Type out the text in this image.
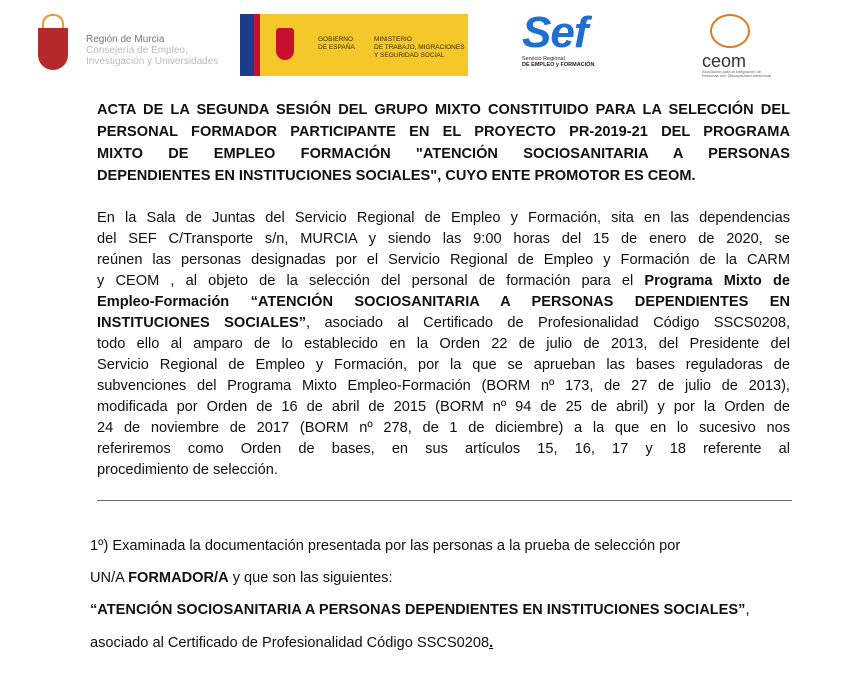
Región de Murcia
Consejería de Empleo,
Investigación y Universidades
GOBIERNO
DE ESPAÑA
MINISTERIO
DE TRABAJO, MIGRACIONES
Y SEGURIDAD SOCIAL	Sef
Servicio Regional
DE EMPLEO y FORMACIÓN	ceom
Asociación para la integración de Personas con Discapacidad Intelectual
ACTA DE LA SEGUNDA SESIÓN DEL GRUPO MIXTO CONSTITUIDO PARA LA SELECCIÓN DEL
PERSONAL FORMADOR PARTICIPANTE EN EL PROYECTO PR-2019-21 DEL PROGRAMA
MIXTO DE EMPLEO FORMACIÓN "ATENCIÓN SOCIOSANITARIA A PERSONAS
DEPENDIENTES EN INSTITUCIONES SOCIALES", CUYO ENTE PROMOTOR ES CEOM.
En la Sala de Juntas del Servicio Regional de Empleo y Formación, sita en las dependencias
del SEF C/Transporte s/n, MURCIA y siendo las 9:00 horas del 15 de enero de 2020, se
reúnen las personas designadas por el Servicio Regional de Empleo y Formación de la CARM
y CEOM , al objeto de la selección del personal de formación para el Programa Mixto de
Empleo-Formación “ATENCIÓN SOCIOSANITARIA A PERSONAS DEPENDIENTES EN
INSTITUCIONES SOCIALES”, asociado al Certificado de Profesionalidad Código SSCS0208,
todo ello al amparo de lo establecido en la Orden 22 de julio de 2013, del Presidente del
Servicio Regional de Empleo y Formación, por la que se aprueban las bases reguladoras de
subvenciones del Programa Mixto Empleo-Formación (BORM nº 173, de 27 de julio de 2013),
modificada por Orden de 16 de abril de 2015 (BORM nº 94 de 25 de abril) y por la Orden de
24 de noviembre de 2017 (BORM nº 278, de 1 de diciembre) a la que en lo sucesivo nos
referiremos como Orden de bases, en sus artículos 15, 16, 17 y 18 referente al
procedimiento de selección.
1º) Examinada la documentación presentada por las personas a la prueba de selección por
UN/A FORMADOR/A y que son las siguientes:
“ATENCIÓN SOCIOSANITARIA A PERSONAS DEPENDIENTES EN INSTITUCIONES SOCIALES”,
asociado al Certificado de Profesionalidad Código SSCS0208.
